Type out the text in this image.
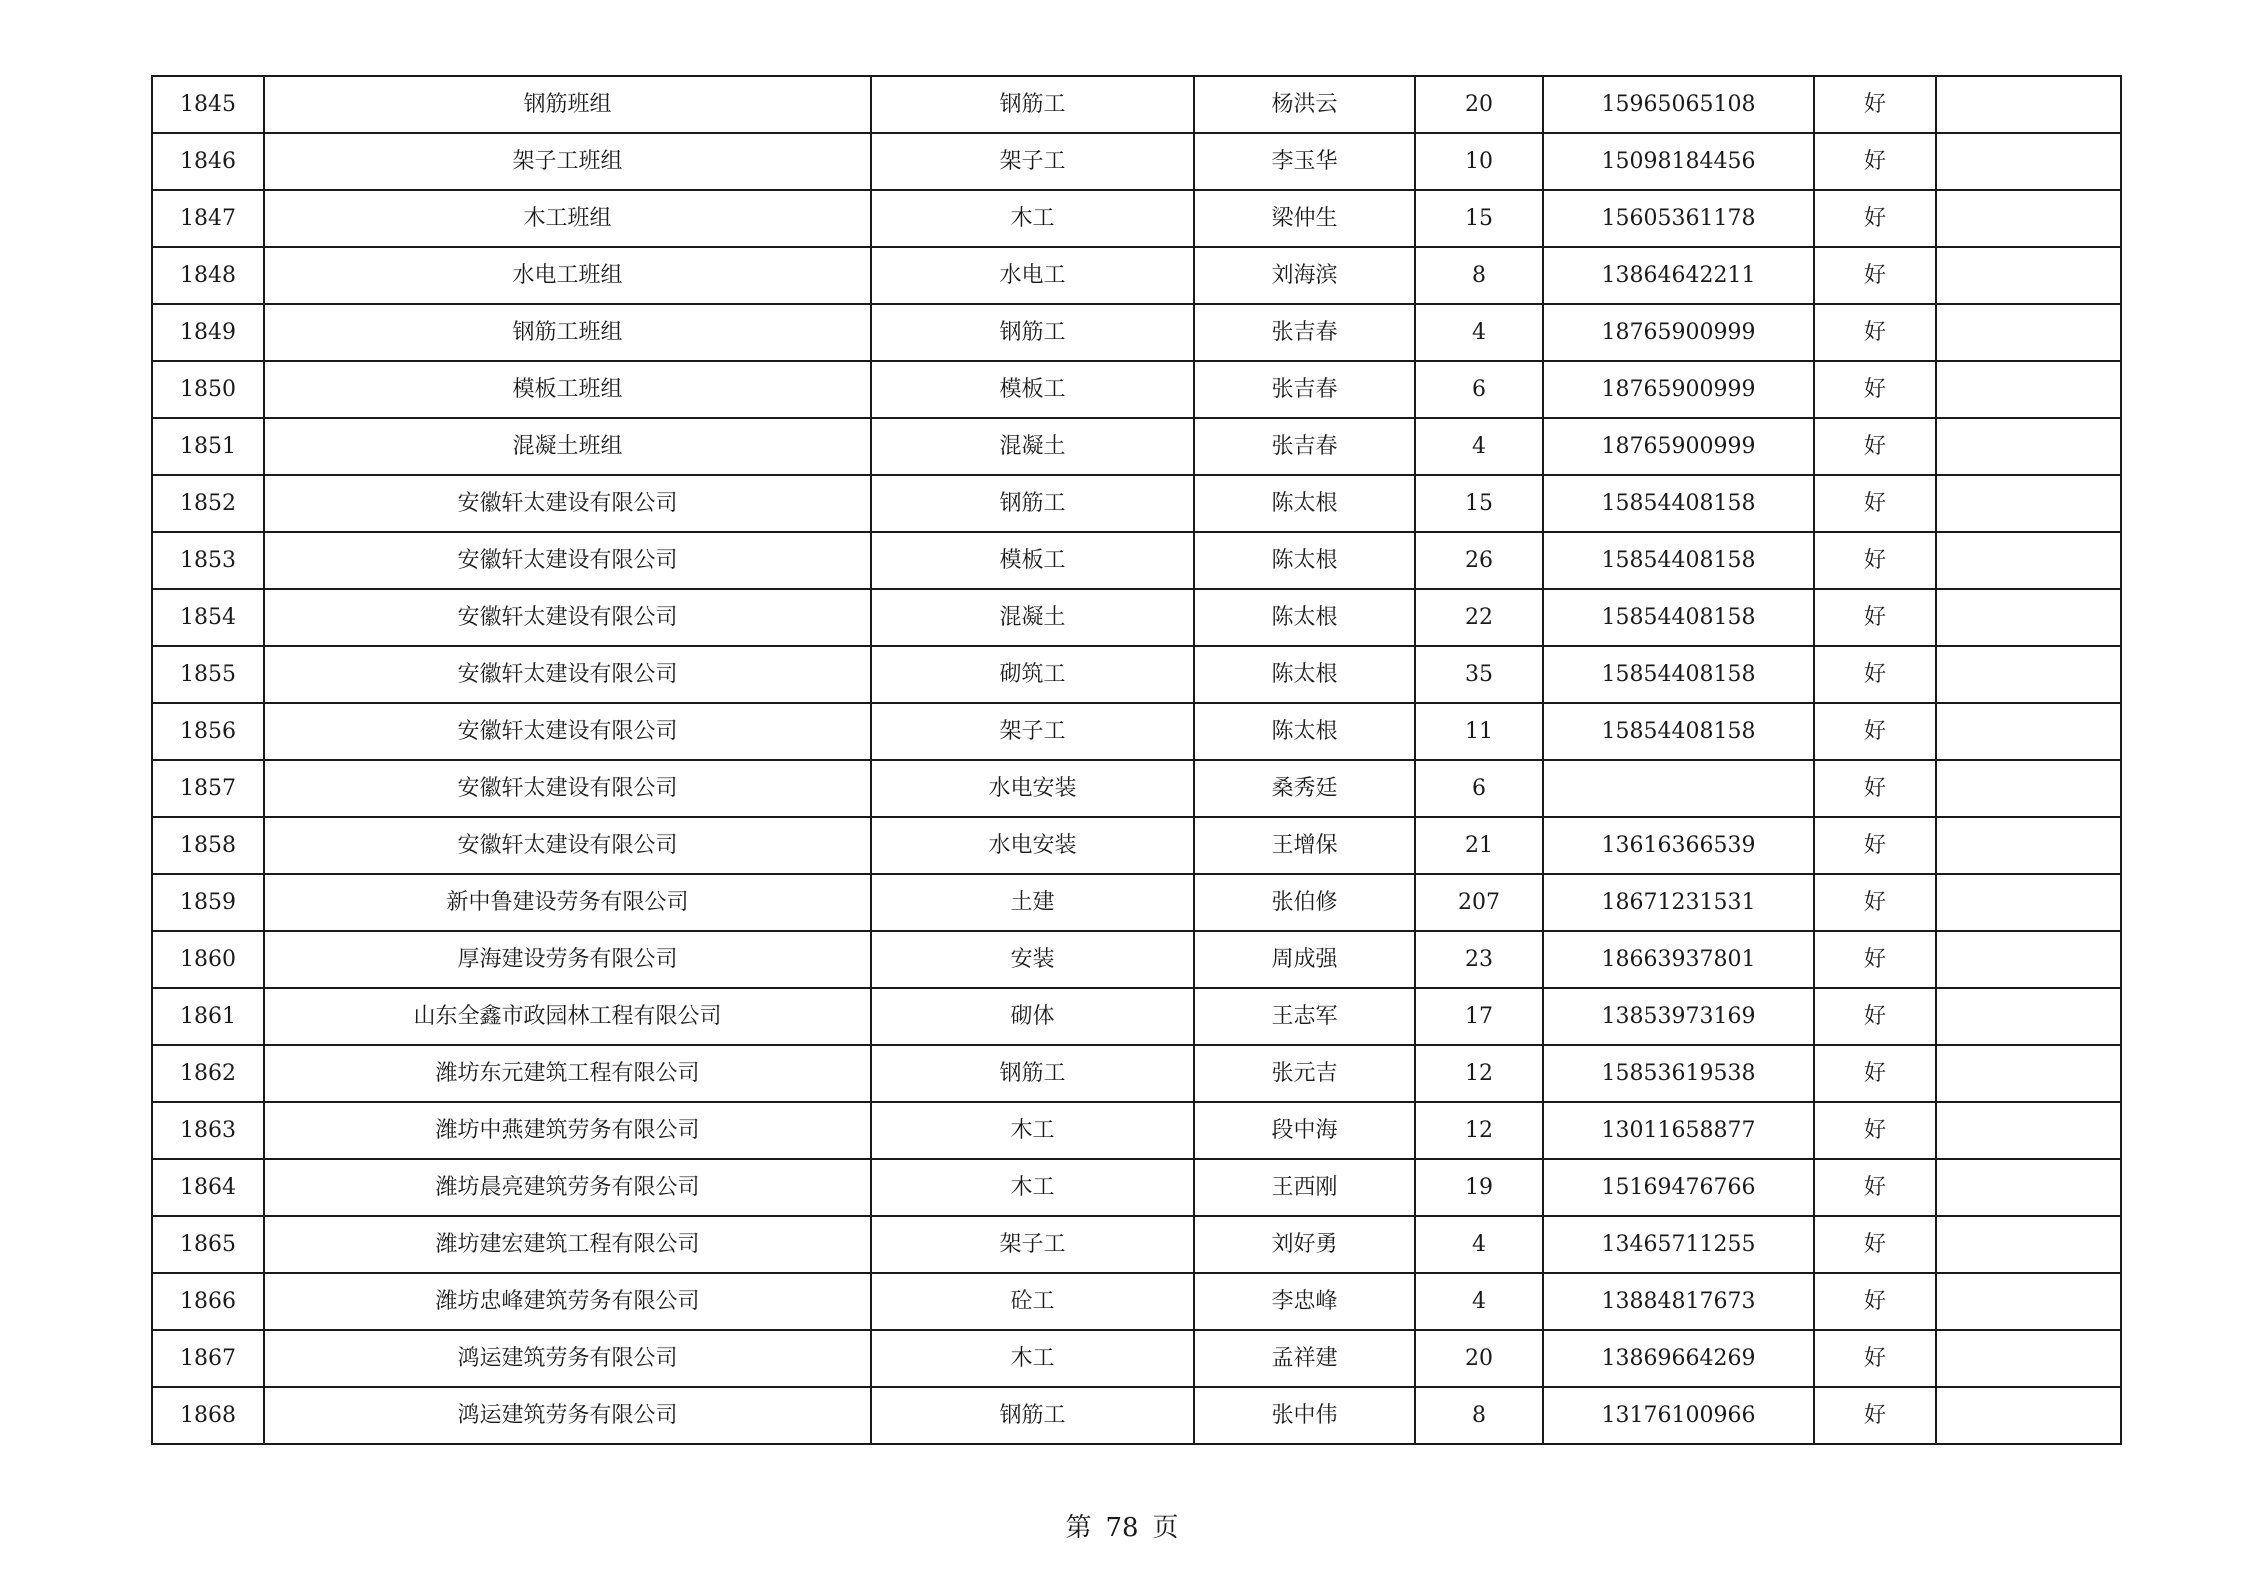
1845	钢筋班组	钢筋工	杨洪云	20	15965065108	好	
1846	架子工班组	架子工	李玉华	10	15098184456	好	
1847	木工班组	木工	梁仲生	15	15605361178	好	
1848	水电工班组	水电工	刘海滨	8	13864642211	好	
1849	钢筋工班组	钢筋工	张吉春	4	18765900999	好	
1850	模板工班组	模板工	张吉春	6	18765900999	好	
1851	混凝土班组	混凝土	张吉春	4	18765900999	好	
1852	安徽轩太建设有限公司	钢筋工	陈太根	15	15854408158	好	
1853	安徽轩太建设有限公司	模板工	陈太根	26	15854408158	好	
1854	安徽轩太建设有限公司	混凝土	陈太根	22	15854408158	好	
1855	安徽轩太建设有限公司	砌筑工	陈太根	35	15854408158	好	
1856	安徽轩太建设有限公司	架子工	陈太根	11	15854408158	好	
1857	安徽轩太建设有限公司	水电安装	桑秀廷	6		好	
1858	安徽轩太建设有限公司	水电安装	王增保	21	13616366539	好	
1859	新中鲁建设劳务有限公司	土建	张伯修	207	18671231531	好	
1860	厚海建设劳务有限公司	安装	周成强	23	18663937801	好	
1861	山东全鑫市政园林工程有限公司	砌体	王志军	17	13853973169	好	
1862	潍坊东元建筑工程有限公司	钢筋工	张元吉	12	15853619538	好	
1863	潍坊中燕建筑劳务有限公司	木工	段中海	12	13011658877	好	
1864	潍坊晨亮建筑劳务有限公司	木工	王西刚	19	15169476766	好	
1865	潍坊建宏建筑工程有限公司	架子工	刘好勇	4	13465711255	好	
1866	潍坊忠峰建筑劳务有限公司	砼工	李忠峰	4	13884817673	好	
1867	鸿运建筑劳务有限公司	木工	孟祥建	20	13869664269	好	
1868	鸿运建筑劳务有限公司	钢筋工	张中伟	8	13176100966	好	
第 78 页
